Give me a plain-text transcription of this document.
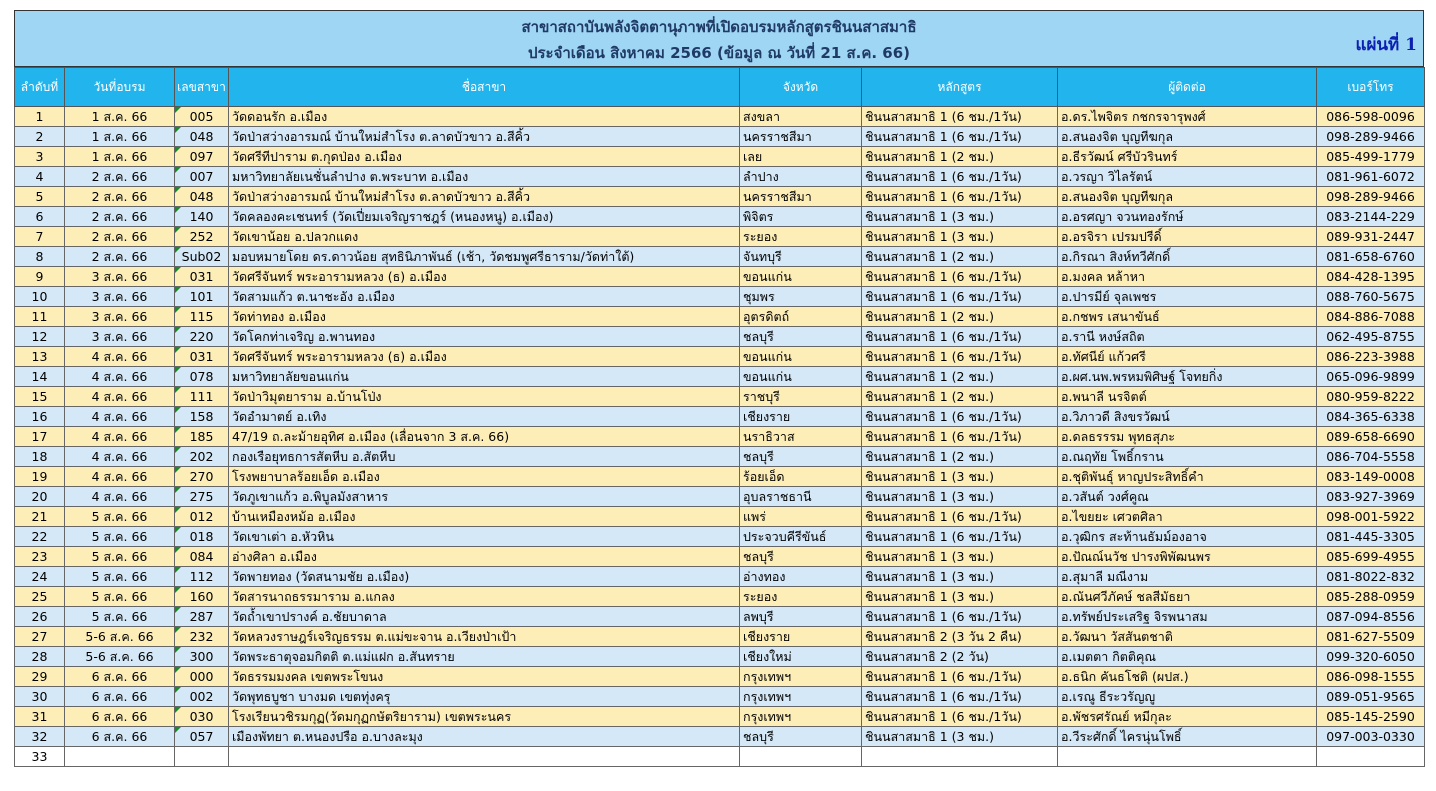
สาขาสถาบันพลังจิตตานุภาพที่เปิดอบรมหลักสูตรชินนสาสมาธิ
ประจำเดือน สิงหาคม 2566 (ข้อมูล ณ วันที่ 21 ส.ค. 66)	แผ่นที่ 1
ลำดับที่	วันที่อบรม	เลขสาขา	ชื่อสาขา	จังหวัด	หลักสูตร	ผู้ติดต่อ	เบอร์โทร
1	1 ส.ค. 66	005	วัดดอนรัก อ.เมือง	สงขลา	ชินนสาสมาธิ 1 (6 ชม./1วัน)	อ.ดร.ไพจิตร กชกรจารุพงศ์	086-598-0096
2	1 ส.ค. 66	048	วัดป่าสว่างอารมณ์ บ้านใหม่สำโรง ต.ลาดบัวขาว อ.สีคิ้ว	นครราชสีมา	ชินนสาสมาธิ 1 (6 ชม./1วัน)	อ.สนองจิต บุญทีฆกุล	098-289-9466
3	1 ส.ค. 66	097	วัดศรีทีปาราม ต.กุดป่อง อ.เมือง	เลย	ชินนสาสมาธิ 1 (2 ชม.)	อ.ธีรวัฒน์ ศรีบัวรินทร์	085-499-1779
4	2 ส.ค. 66	007	มหาวิทยาลัยเนชั่นลำปาง ต.พระบาท อ.เมือง	ลำปาง	ชินนสาสมาธิ 1 (6 ชม./1วัน)	อ.วรญา วิไลรัตน์	081-961-6072
5	2 ส.ค. 66	048	วัดป่าสว่างอารมณ์ บ้านใหม่สำโรง ต.ลาดบัวขาว อ.สีคิ้ว	นครราชสีมา	ชินนสาสมาธิ 1 (6 ชม./1วัน)	อ.สนองจิต บุญทีฆกุล	098-289-9466
6	2 ส.ค. 66	140	วัดคลองคะเชนทร์ (วัดเปี่ยมเจริญราชฎร์ (หนองหนู) อ.เมือง)	พิจิตร	ชินนสาสมาธิ 1 (3 ชม.)	อ.อรศญา จวนทองรักษ์	083-2144-229
7	2 ส.ค. 66	252	วัดเขาน้อย อ.ปลวกแดง	ระยอง	ชินนสาสมาธิ 1 (3 ชม.)	อ.อรจิรา เปรมปรีดิ์	089-931-2447
8	2 ส.ค. 66	Sub02	มอบหมายโดย ดร.ดาวน้อย สุทธินิภาพันธ์ (เช้า, วัดชมพูศรีธาราม/วัดท่าใต้)	จันทบุรี	ชินนสาสมาธิ 1 (2 ชม.)	อ.กิรณา สิงห์ทวีศักดิ์	081-658-6760
9	3 ส.ค. 66	031	วัดศรีจันทร์ พระอารามหลวง (ธ) อ.เมือง	ขอนแก่น	ชินนสาสมาธิ 1 (6 ชม./1วัน)	อ.มงคล หล้าหา	084-428-1395
10	3 ส.ค. 66	101	วัดสามแก้ว ต.นาชะอัง อ.เมือง	ชุมพร	ชินนสาสมาธิ 1 (6 ชม./1วัน)	อ.ปารมีย์ จุลเพชร	088-760-5675
11	3 ส.ค. 66	115	วัดท่าทอง อ.เมือง	อุตรดิตถ์	ชินนสาสมาธิ 1 (2 ชม.)	อ.กชพร เสนาขันธ์	084-886-7088
12	3 ส.ค. 66	220	วัดโคกท่าเจริญ อ.พานทอง	ชลบุรี	ชินนสาสมาธิ 1 (6 ชม./1วัน)	อ.รานี หงษ์สถิต	062-495-8755
13	4 ส.ค. 66	031	วัดศรีจันทร์ พระอารามหลวง (ธ) อ.เมือง	ขอนแก่น	ชินนสาสมาธิ 1 (6 ชม./1วัน)	อ.ทัศนีย์ แก้วศรี	086-223-3988
14	4 ส.ค. 66	078	มหาวิทยาลัยขอนแก่น	ขอนแก่น	ชินนสาสมาธิ 1 (2 ชม.)	อ.ผศ.นพ.พรหมพิศิษฐ์ โจทยกิ่ง	065-096-9899
15	4 ส.ค. 66	111	วัดป่าวิมุตยาราม อ.บ้านโป่ง	ราชบุรี	ชินนสาสมาธิ 1 (2 ชม.)	อ.พนาลี นรจิตต์	080-959-8222
16	4 ส.ค. 66	158	วัดอำมาตย์ อ.เทิง	เชียงราย	ชินนสาสมาธิ 1 (6 ชม./1วัน)	อ.วิภาวดี สิงขรวัฒน์	084-365-6338
17	4 ส.ค. 66	185	47/19 ถ.ละม้ายอุทิศ อ.เมือง (เลื่อนจาก 3 ส.ค. 66)	นราธิวาส	ชินนสาสมาธิ 1 (6 ชม./1วัน)	อ.ดลธรรรม พุทธสุภะ	089-658-6690
18	4 ส.ค. 66	202	กองเรือยุทธการสัตหีบ อ.สัตหีบ	ชลบุรี	ชินนสาสมาธิ 1 (2 ชม.)	อ.ณฤทัย โพธิ์กราน	086-704-5558
19	4 ส.ค. 66	270	โรงพยาบาลร้อยเอ็ด อ.เมือง	ร้อยเอ็ด	ชินนสาสมาธิ 1 (3 ชม.)	อ.ชุติพันธุ์ หาญประสิทธิ์คำ	083-149-0008
20	4 ส.ค. 66	275	วัดภูเขาแก้ว อ.พิบูลมังสาหาร	อุบลราชธานี	ชินนสาสมาธิ 1 (3 ชม.)	อ.วสันต์ วงศ์คูณ	083-927-3969
21	5 ส.ค. 66	012	บ้านเหมืองหม้อ อ.เมือง	แพร่	ชินนสาสมาธิ 1 (6 ชม./1วัน)	อ.ไขยยะ เศวตศิลา	098-001-5922
22	5 ส.ค. 66	018	วัดเขาเต่า อ.หัวหิน	ประจวบคีรีขันธ์	ชินนสาสมาธิ 1 (6 ชม./1วัน)	อ.วุฒิกร สะท้านธัมม์องอาจ	081-445-3305
23	5 ส.ค. 66	084	อ่างศิลา อ.เมือง	ชลบุรี	ชินนสาสมาธิ 1 (3 ชม.)	อ.ปัณณ์นวัช ปารงพิพัฒนพร	085-699-4955
24	5 ส.ค. 66	112	วัดพายทอง (วัดสนามชัย อ.เมือง)	อ่างทอง	ชินนสาสมาธิ 1 (3 ชม.)	อ.สุมาลี มณีงาม	081-8022-832
25	5 ส.ค. 66	160	วัดสารนาถธรรมาราม อ.แกลง	ระยอง	ชินนสาสมาธิ 1 (3 ชม.)	อ.ณันศวีภัคษ์ ชลสีมัธยา	085-288-0959
26	5 ส.ค. 66	287	วัดถ้ำเขาปรางค์ อ.ชัยบาดาล	ลพบุรี	ชินนสาสมาธิ 1 (6 ชม./1วัน)	อ.ทรัพย์ประเสริฐ จิรพนาสม	087-094-8556
27	5-6 ส.ค. 66	232	วัดหลวงราษฎร์เจริญธรรม ต.แม่ขะจาน อ.เวียงป่าเป้า	เชียงราย	ชินนสาสมาธิ 2 (3 วัน 2 คืน)	อ.วัฒนา วัสสันตชาติ	081-627-5509
28	5-6 ส.ค. 66	300	วัดพระธาตุจอมกิตติ ต.แม่แฝก อ.สันทราย	เชียงใหม่	ชินนสาสมาธิ 2 (2 วัน)	อ.เมตตา กิตติคุณ	099-320-6050
29	6 ส.ค. 66	000	วัดธรรมมงคล เขตพระโขนง	กรุงเทพฯ	ชินนสาสมาธิ 1 (6 ชม./1วัน)	อ.ธนิก คันธโชติ (ผปส.)	086-098-1555
30	6 ส.ค. 66	002	วัดพุทธบูชา บางมด เขตทุ่งครุ	กรุงเทพฯ	ชินนสาสมาธิ 1 (6 ชม./1วัน)	อ.เรณู ธีระวรัญญู	089-051-9565
31	6 ส.ค. 66	030	โรงเรียนวชิรมกุฏ(วัดมกุฏกษัตริยาราม) เขตพระนคร	กรุงเทพฯ	ชินนสาสมาธิ 1 (6 ชม./1วัน)	อ.พัชรศรัณย์ หมีกุละ	085-145-2590
32	6 ส.ค. 66	057	เมืองพัทยา ต.หนองปรือ อ.บางละมุง	ชลบุรี	ชินนสาสมาธิ 1 (3 ชม.)	อ.วีระศักดิ์ ไครนุ่นโพธิ์	097-003-0330
33							
